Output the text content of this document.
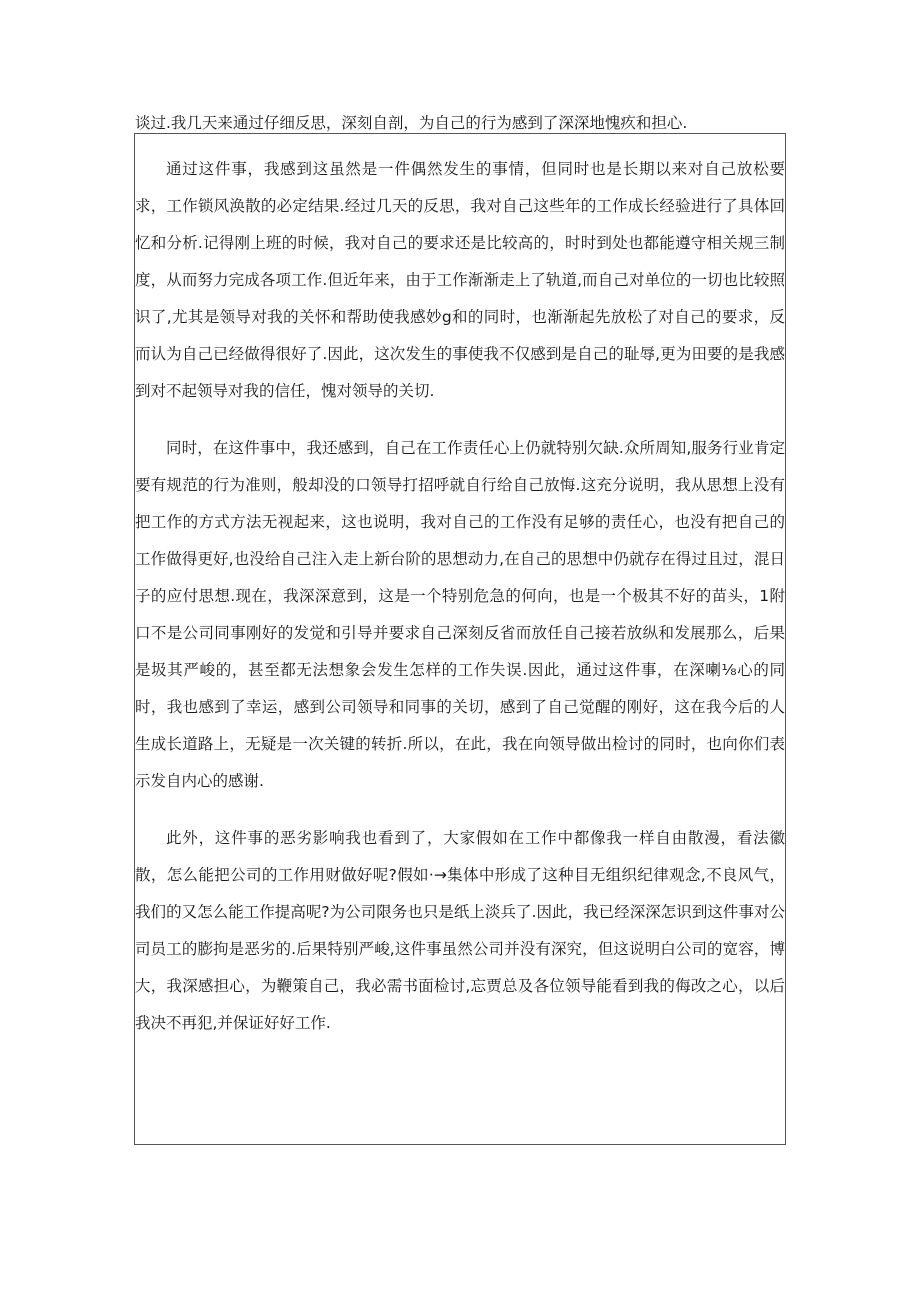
谈过.我几天来通过仔细反思，深刻自剖，为自己的行为感到了深深地愧疚和担心.

通过这件事，我感到这虽然是一件偶然发生的事情，但同时也是长期以来对自己放松要求，工作锁风涣散的必定结果.经过几天的反思，我对自己这些年的工作成长经验进行了具体回忆和分析.记得刚上班的时候，我对自己的要求还是比较高的，时时到处也都能遵守相关规三制度，从而努力完成各项工作.但近年来，由于工作渐渐走上了轨道,而自己对单位的一切也比较照识了,尤其是领导对我的关怀和帮助使我感妙g和的同时，也渐渐起先放松了对自己的要求，反而认为自己已经做得很好了.因此，这次发生的事使我不仅感到是自己的耻辱,更为田要的是我感到对不起领导对我的信任，愧对领导的关切.

同时，在这件事中，我还感到，自己在工作责任心上仍就特别欠缺.众所周知,服务行业肯定要有规范的行为准则，般却没的口领导打招呼就自行给自己放悔.这充分说明，我从思想上没有把工作的方式方法无视起来，这也说明，我对自己的工作没有足够的责任心，也没有把自己的工作做得更好,也没给自己注入走上新台阶的思想动力,在自己的思想中仍就存在得过且过，混日子的应付思想.现在，我深深意到，这是一个特别危急的何向，也是一个极其不好的苗头，1附口不是公司同事刚好的发觉和引导并要求自己深刻反省而放任自己接若放纵和发展那么，后果是圾其严峻的，甚至都无法想象会发生怎样的工作失误.因此，通过这件事，在深喇⅛心的同时，我也感到了幸运，感到公司领导和同事的关切，感到了自己觉醒的刚好，这在我今后的人生成长道路上，无疑是一次关键的转折.所以，在此，我在向领导做出检讨的同时，也向你们表示发自内心的感谢.

此外，这件事的恶劣影响我也看到了，大家假如在工作中都像我一样自由散漫，看法徽散，怎么能把公司的工作用财做好呢?假如·→集体中形成了这种目无组织纪律观念,不良风气，我们的又怎么能工作提高呢?为公司限务也只是纸上淡兵了.因此，我已经深深怎识到这件事对公司员工的膨拘是恶劣的.后果特别严峻,这件事虽然公司并没有深究，但这说明白公司的宽容，博大，我深感担心，为鞭策自己，我必需书面检讨,忘贾总及各位领导能看到我的侮改之心，以后我决不再犯,并保证好好工作.
